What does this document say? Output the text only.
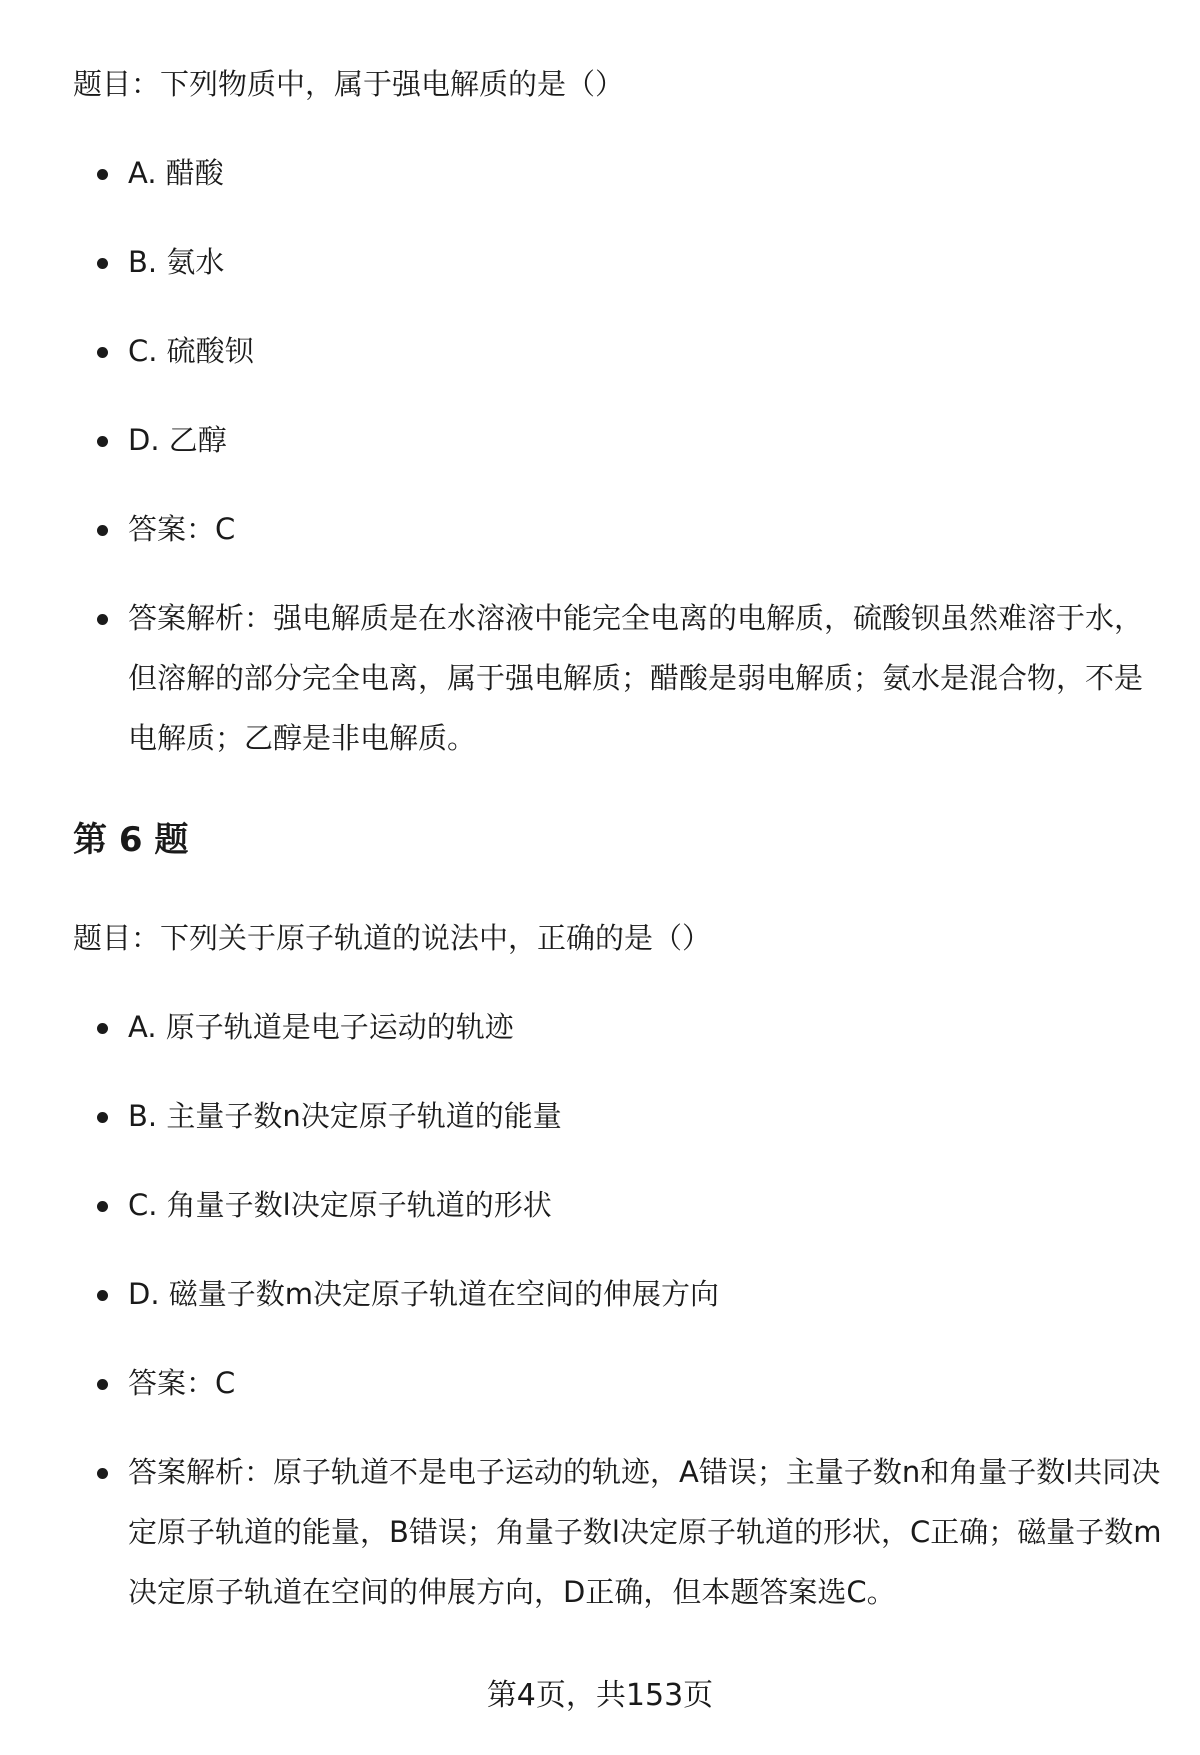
题目：下列物质中，属于强电解质的是（）

A. 醋酸
B. 氨水
C. 硫酸钡
D. 乙醇
答案：C
答案解析：强电解质是在水溶液中能完全电离的电解质，硫酸钡虽然难溶于水，但溶解的部分完全电离，属于强电解质；醋酸是弱电解质；氨水是混合物，不是电解质；乙醇是非电解质。
第 6 题

题目：下列关于原子轨道的说法中，正确的是（）

A. 原子轨道是电子运动的轨迹
B. 主量子数n决定原子轨道的能量
C. 角量子数l决定原子轨道的形状
D. 磁量子数m决定原子轨道在空间的伸展方向
答案：C
答案解析：原子轨道不是电子运动的轨迹，A错误；主量子数n和角量子数l共同决定原子轨道的能量，B错误；角量子数l决定原子轨道的形状，C正确；磁量子数m决定原子轨道在空间的伸展方向，D正确，但本题答案选C。
第4页，共153页
